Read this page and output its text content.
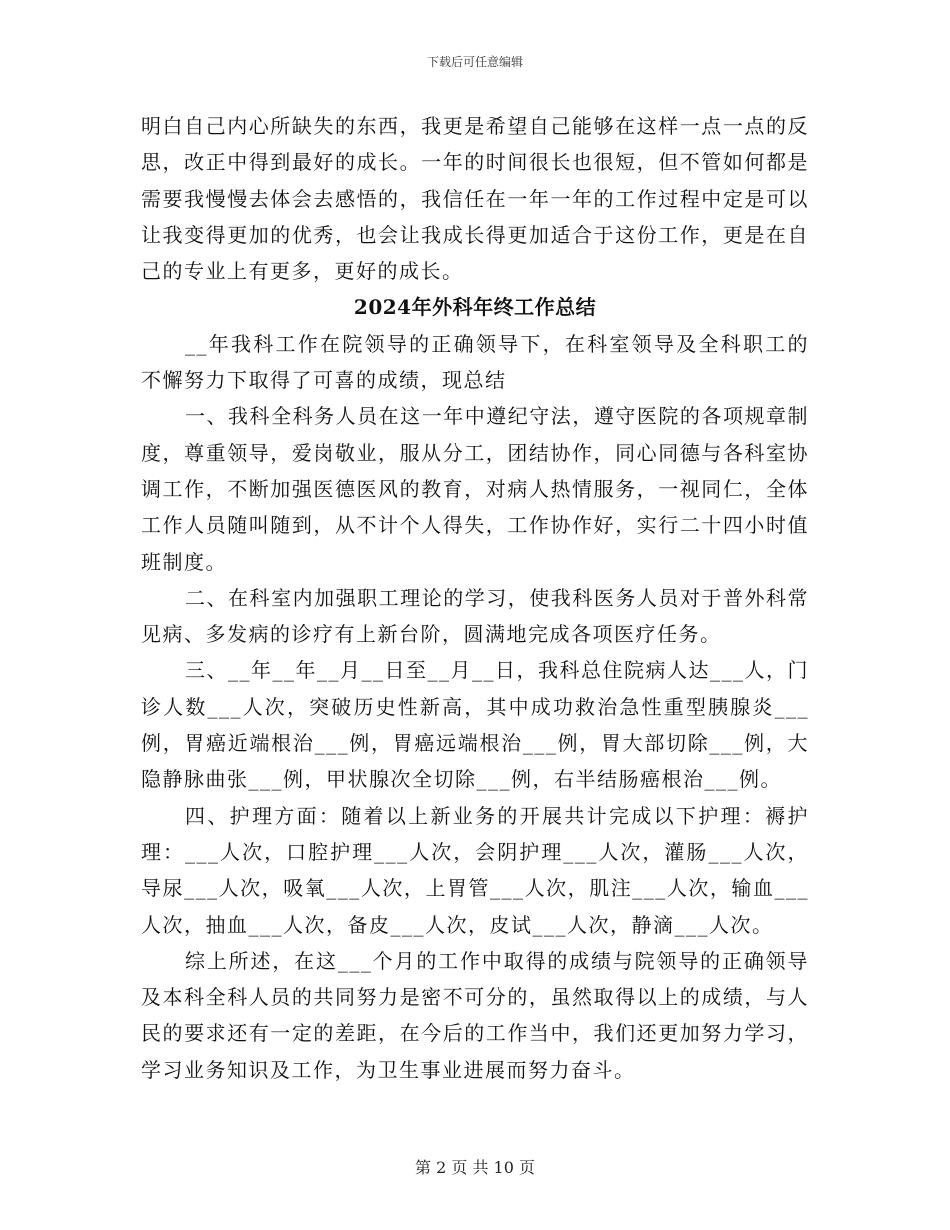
下载后可任意编辑

明白自己内心所缺失的东西，我更是希望自己能够在这样一点一点的反思，改正中得到最好的成长。一年的时间很长也很短，但不管如何都是需要我慢慢去体会去感悟的，我信任在一年一年的工作过程中定是可以让我变得更加的优秀，也会让我成长得更加适合于这份工作，更是在自己的专业上有更多，更好的成长。

2024年外科年终工作总结

__年我科工作在院领导的正确领导下，在科室领导及全科职工的不懈努力下取得了可喜的成绩，现总结

一、我科全科务人员在这一年中遵纪守法，遵守医院的各项规章制度，尊重领导，爱岗敬业，服从分工，团结协作，同心同德与各科室协调工作，不断加强医德医风的教育，对病人热情服务，一视同仁，全体工作人员随叫随到，从不计个人得失，工作协作好，实行二十四小时值班制度。

二、在科室内加强职工理论的学习，使我科医务人员对于普外科常见病、多发病的诊疗有上新台阶，圆满地完成各项医疗任务。

三、__年__年__月__日至__月__日，我科总住院病人达___人，门诊人数___人次，突破历史性新高，其中成功救治急性重型胰腺炎___例，胃癌近端根治___例，胃癌远端根治___例，胃大部切除___例，大隐静脉曲张___例，甲状腺次全切除___例，右半结肠癌根治___例。

四、护理方面：随着以上新业务的开展共计完成以下护理：褥护理：___人次，口腔护理___人次，会阴护理___人次，灌肠___人次，导尿___人次，吸氧___人次，上胃管___人次，肌注___人次，输血___人次，抽血___人次，备皮___人次，皮试___人次，静滴___人次。

综上所述，在这___个月的工作中取得的成绩与院领导的正确领导及本科全科人员的共同努力是密不可分的，虽然取得以上的成绩，与人民的要求还有一定的差距，在今后的工作当中，我们还更加努力学习，学习业务知识及工作，为卫生事业进展而努力奋斗。

第 2 页 共 10 页
